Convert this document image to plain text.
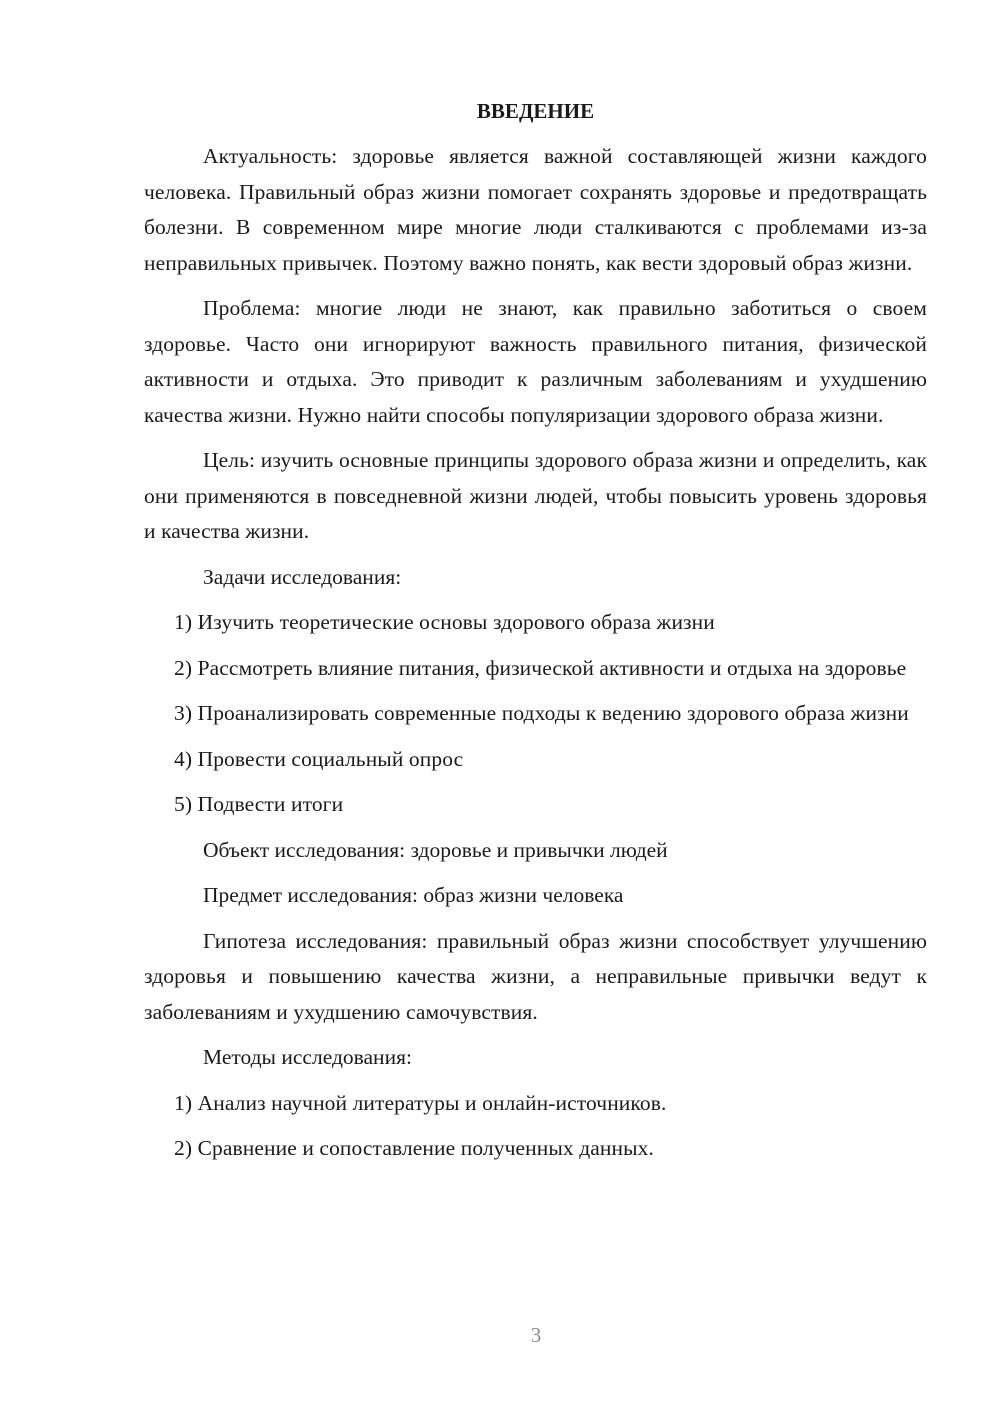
ВВЕДЕНИЕ

Актуальность: здоровье является важной составляющей жизни каждого человека. Правильный образ жизни помогает сохранять здоровье и предотвращать болезни. В современном мире многие люди сталкиваются с проблемами из-за неправильных привычек. Поэтому важно понять, как вести здоровый образ жизни.

Проблема: многие люди не знают, как правильно заботиться о своем здоровье. Часто они игнорируют важность правильного питания, физической активности и отдыха. Это приводит к различным заболеваниям и ухудшению качества жизни. Нужно найти способы популяризации здорового образа жизни.

Цель: изучить основные принципы здорового образа жизни и определить, как они применяются в повседневной жизни людей, чтобы повысить уровень здоровья и качества жизни.

Задачи исследования:

1) Изучить теоретические основы здорового образа жизни

2) Рассмотреть влияние питания, физической активности и отдыха на здоровье

3) Проанализировать современные подходы к ведению здорового образа жизни

4) Провести социальный опрос

5) Подвести итоги

Объект исследования: здоровье и привычки людей

Предмет исследования: образ жизни человека

Гипотеза исследования: правильный образ жизни способствует улучшению здоровья и повышению качества жизни, а неправильные привычки ведут к заболеваниям и ухудшению самочувствия.

Методы исследования:

1) Анализ научной литературы и онлайн-источников.

2) Сравнение и сопоставление полученных данных.

3
